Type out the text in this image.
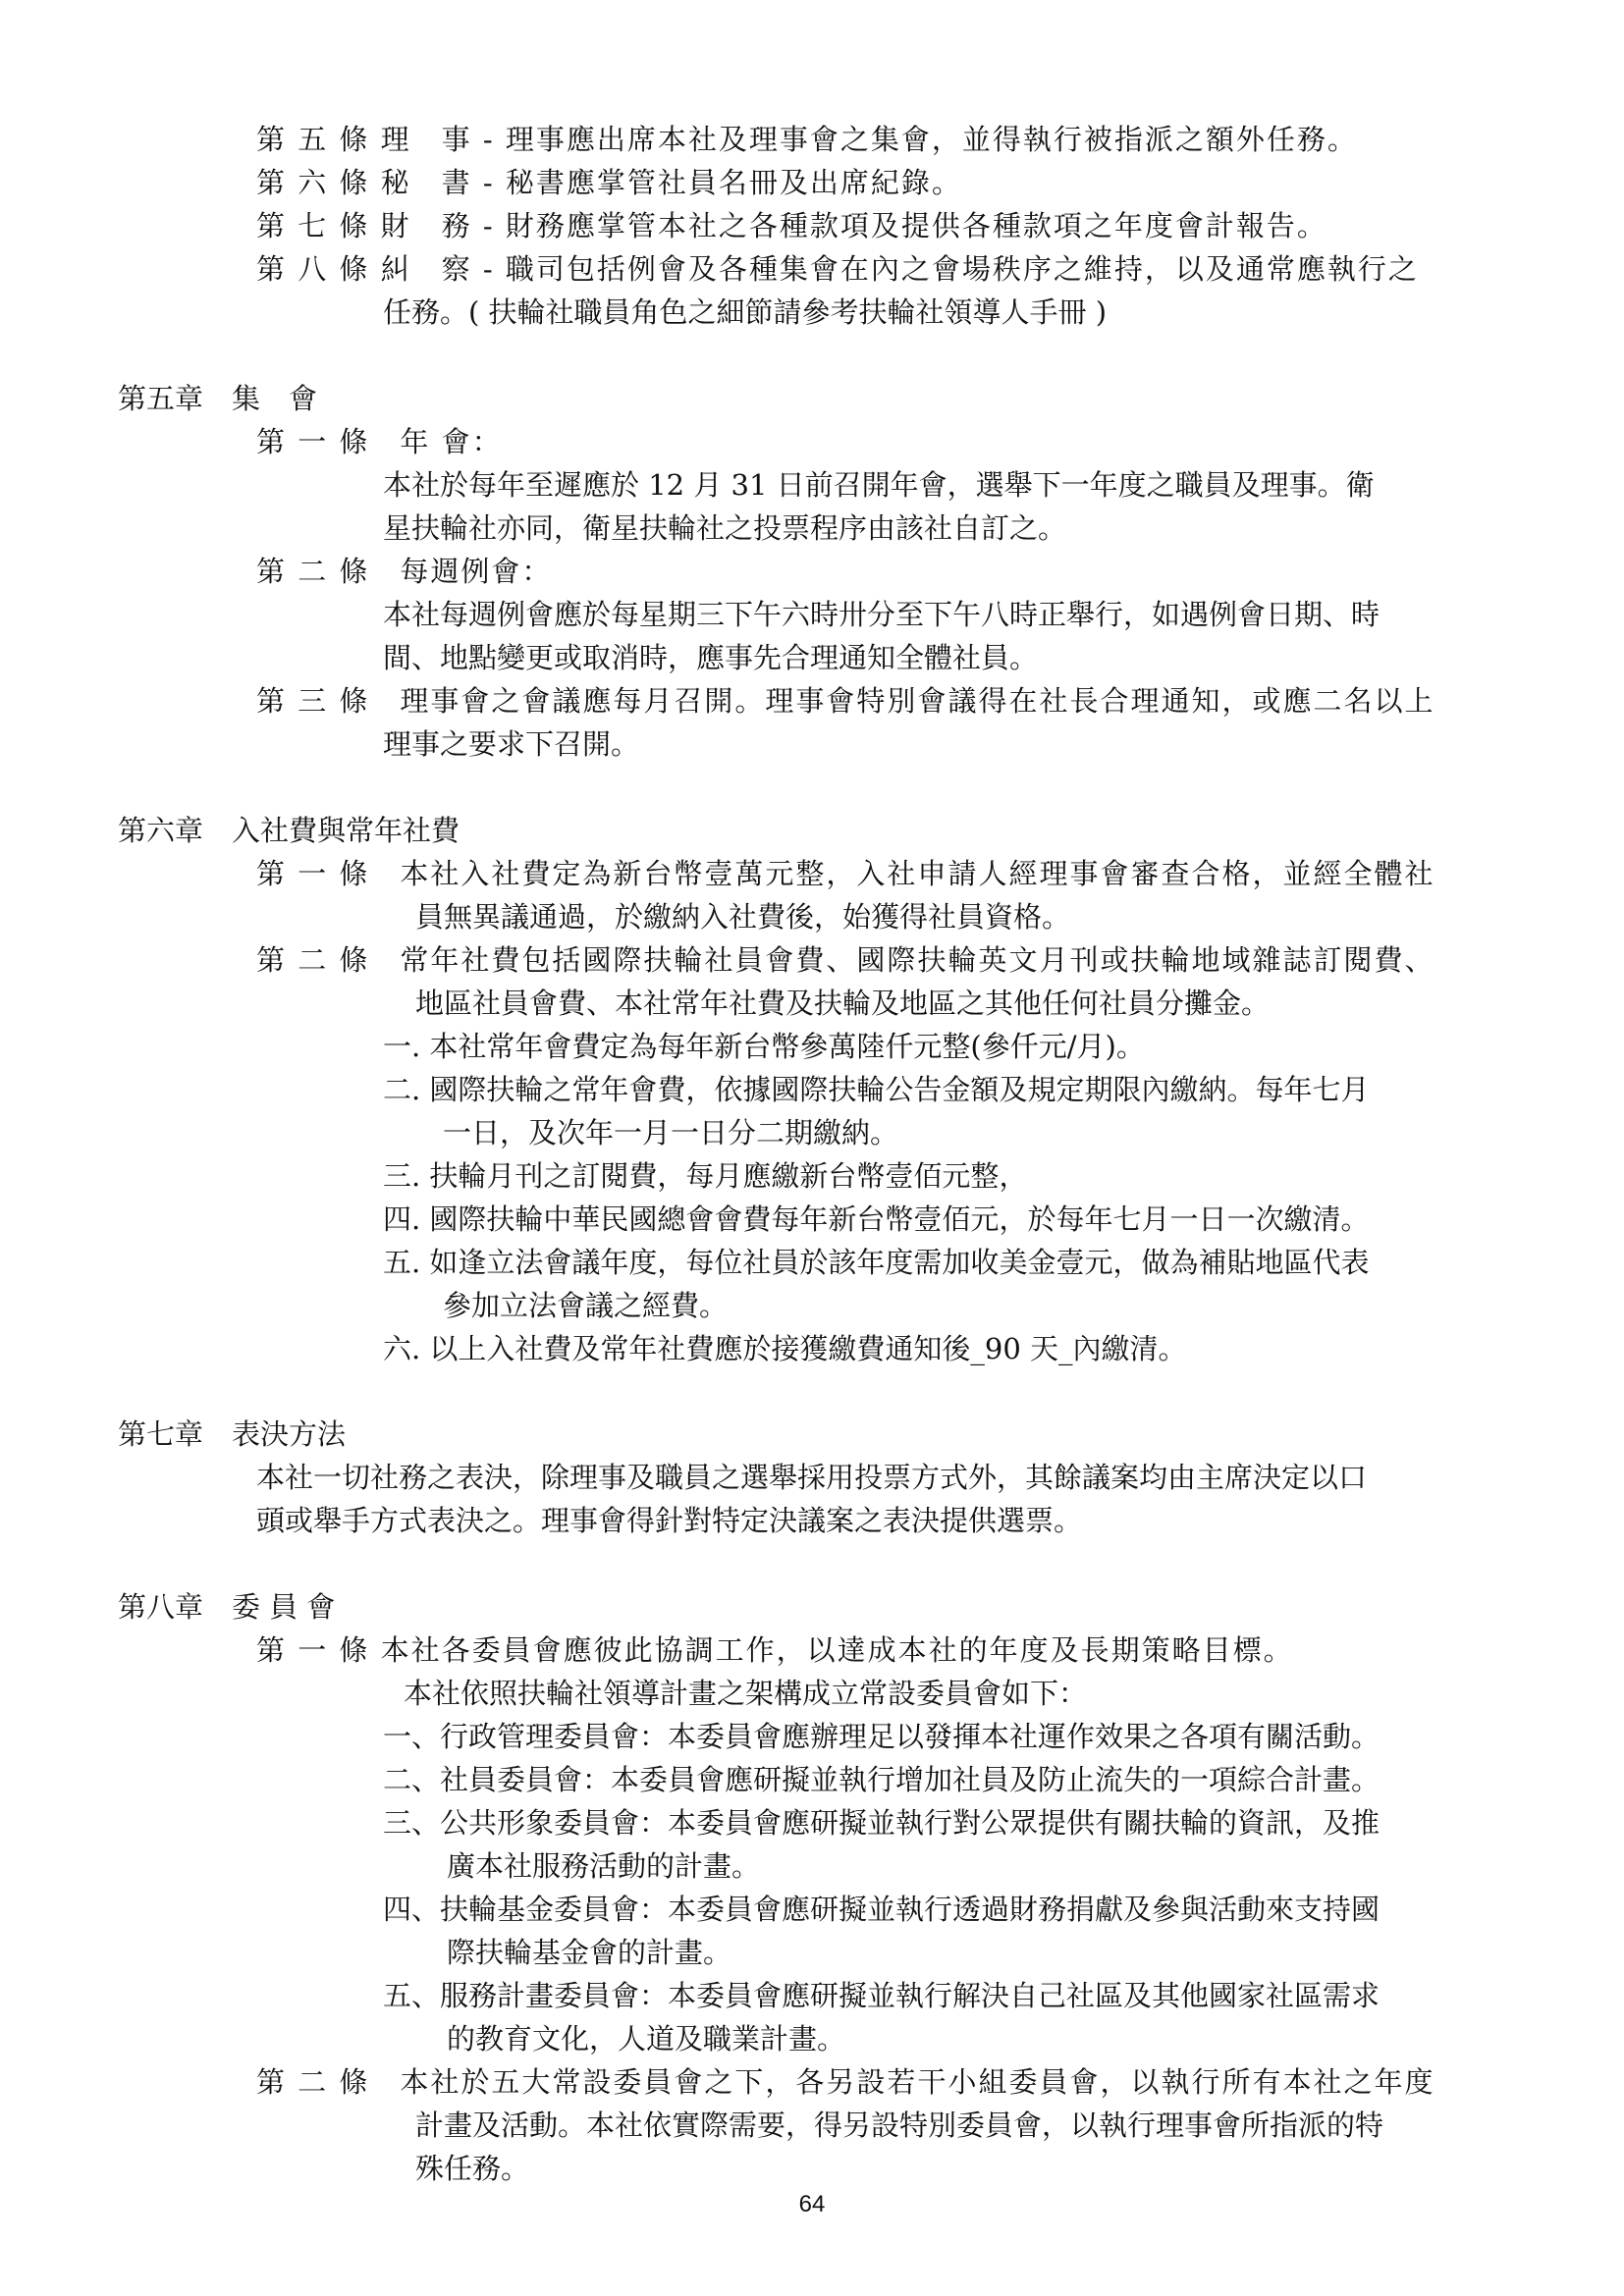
第 五 條 理　事 - 理事應出席本社及理事會之集會，並得執行被指派之額外任務。
第 六 條 秘　書 - 秘書應掌管社員名冊及出席紀錄。
第 七 條 財　務 - 財務應掌管本社之各種款項及提供各種款項之年度會計報告。
第 八 條 糾　察 - 職司包括例會及各種集會在內之會場秩序之維持，以及通常應執行之
任務。( 扶輪社職員角色之細節請參考扶輪社領導人手冊 )
第五章　集　會
第 一 條　年 會：
本社於每年至遲應於 12 月 31 日前召開年會，選舉下一年度之職員及理事。衛
星扶輪社亦同，衛星扶輪社之投票程序由該社自訂之。
第 二 條　每週例會：
本社每週例會應於每星期三下午六時卅分至下午八時正舉行，如遇例會日期、時
間、地點變更或取消時，應事先合理通知全體社員。
第 三 條　理事會之會議應每月召開。理事會特別會議得在社長合理通知，或應二名以上
理事之要求下召開。
第六章　入社費與常年社費
第 一 條　本社入社費定為新台幣壹萬元整，入社申請人經理事會審查合格，並經全體社
員無異議通過，於繳納入社費後，始獲得社員資格。
第 二 條　常年社費包括國際扶輪社員會費、國際扶輪英文月刊或扶輪地域雜誌訂閱費、
地區社員會費、本社常年社費及扶輪及地區之其他任何社員分攤金。
一. 本社常年會費定為每年新台幣參萬陸仟元整(參仟元/月)。
二. 國際扶輪之常年會費，依據國際扶輪公告金額及規定期限內繳納。每年七月
一日，及次年一月一日分二期繳納。
三. 扶輪月刊之訂閱費，每月應繳新台幣壹佰元整，
四. 國際扶輪中華民國總會會費每年新台幣壹佰元，於每年七月一日一次繳清。
五. 如逢立法會議年度，每位社員於該年度需加收美金壹元，做為補貼地區代表
參加立法會議之經費。
六. 以上入社費及常年社費應於接獲繳費通知後_90 天_內繳清。
第七章　表決方法
本社一切社務之表決，除理事及職員之選舉採用投票方式外，其餘議案均由主席決定以口
頭或舉手方式表決之。理事會得針對特定決議案之表決提供選票。
第八章　委 員 會
第 一 條 本社各委員會應彼此協調工作，以達成本社的年度及長期策略目標。
本社依照扶輪社領導計畫之架構成立常設委員會如下：
一、行政管理委員會：本委員會應辦理足以發揮本社運作效果之各項有關活動。
二、社員委員會：本委員會應研擬並執行增加社員及防止流失的一項綜合計畫。
三、公共形象委員會：本委員會應研擬並執行對公眾提供有關扶輪的資訊，及推
廣本社服務活動的計畫。
四、扶輪基金委員會：本委員會應研擬並執行透過財務捐獻及參與活動來支持國
際扶輪基金會的計畫。
五、服務計畫委員會：本委員會應研擬並執行解決自己社區及其他國家社區需求
的教育文化，人道及職業計畫。
第 二 條　本社於五大常設委員會之下，各另設若干小組委員會，以執行所有本社之年度
計畫及活動。本社依實際需要，得另設特別委員會，以執行理事會所指派的特
殊任務。
64
